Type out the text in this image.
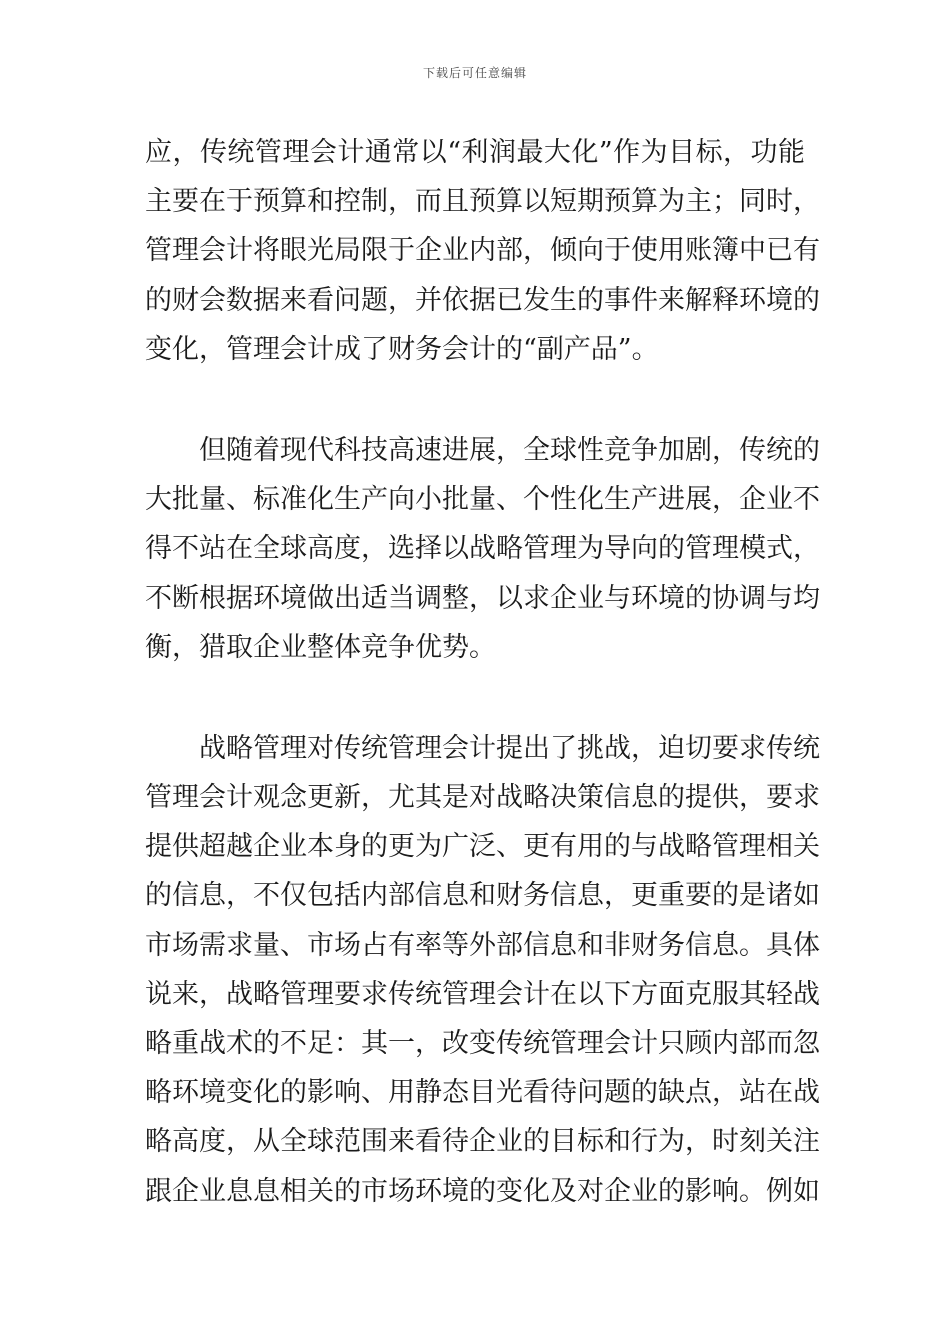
下载后可任意编辑
应，传统管理会计通常以“利润最大化”作为目标，功能
主要在于预算和控制，而且预算以短期预算为主；同时，
管理会计将眼光局限于企业内部，倾向于使用账簿中已有
的财会数据来看问题，并依据已发生的事件来解释环境的
变化，管理会计成了财务会计的“副产品”。
但随着现代科技高速进展，全球性竞争加剧，传统的
大批量、标准化生产向小批量、个性化生产进展，企业不
得不站在全球高度，选择以战略管理为导向的管理模式，
不断根据环境做出适当调整，以求企业与环境的协调与均
衡，猎取企业整体竞争优势。
战略管理对传统管理会计提出了挑战，迫切要求传统
管理会计观念更新，尤其是对战略决策信息的提供，要求
提供超越企业本身的更为广泛、更有用的与战略管理相关
的信息，不仅包括内部信息和财务信息，更重要的是诸如
市场需求量、市场占有率等外部信息和非财务信息。具体
说来，战略管理要求传统管理会计在以下方面克服其轻战
略重战术的不足：其一，改变传统管理会计只顾内部而忽
略环境变化的影响、用静态目光看待问题的缺点，站在战
略高度，从全球范围来看待企业的目标和行为，时刻关注
跟企业息息相关的市场环境的变化及对企业的影响。例如
